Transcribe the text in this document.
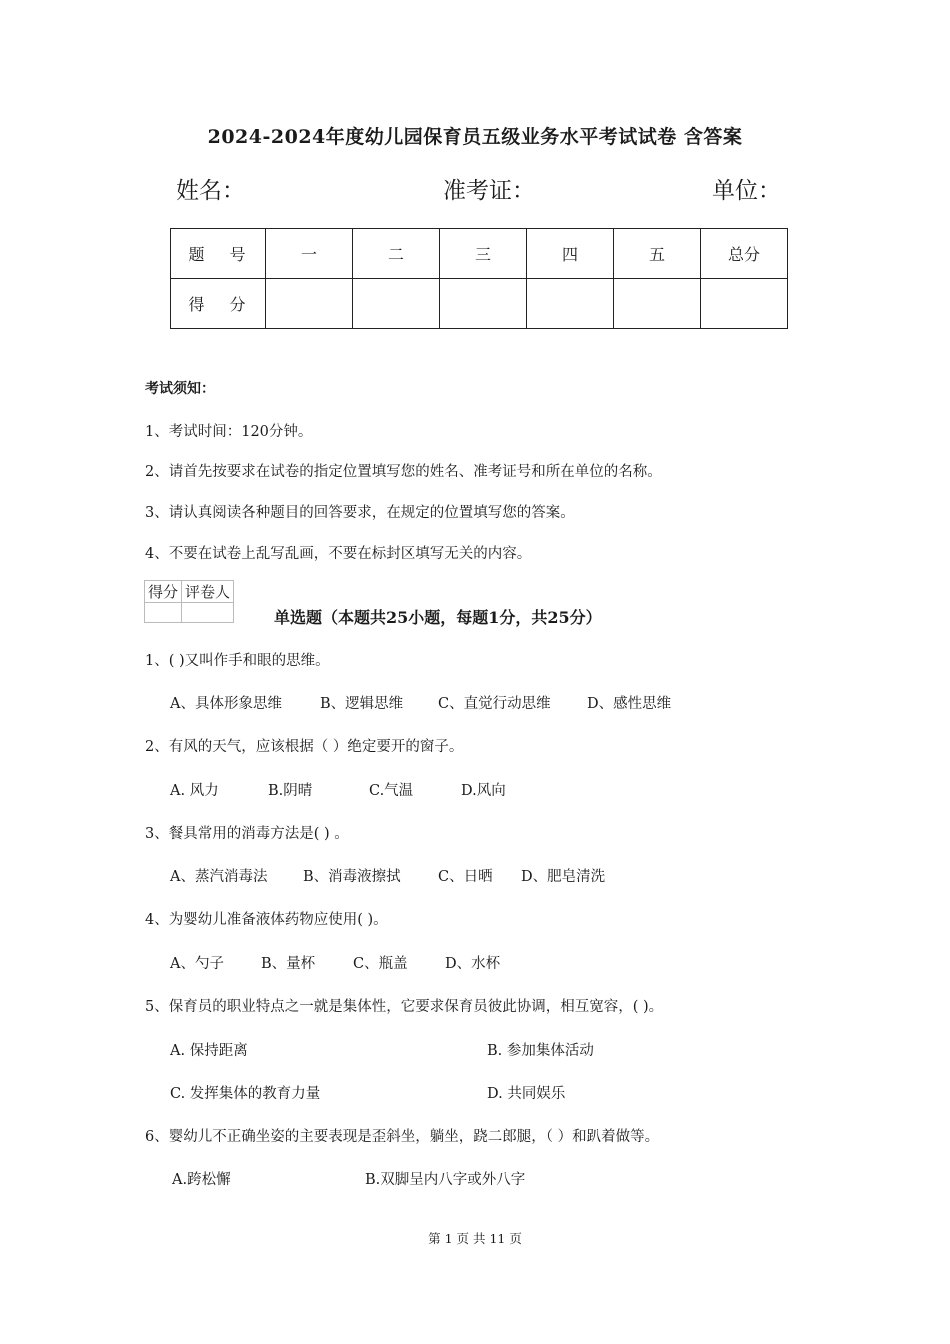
2024-2024年度幼儿园保育员五级业务水平考试试卷 含答案
姓名：	准考证：	单位：
题 号	一	二	三	四	五	总分
得 分						
考试须知：
1、考试时间：120分钟。
2、请首先按要求在试卷的指定位置填写您的姓名、准考证号和所在单位的名称。
3、请认真阅读各种题目的回答要求，在规定的位置填写您的答案。
4、不要在试卷上乱写乱画，不要在标封区填写无关的内容。
得分	评卷人

单选题（本题共25小题，每题1分，共25分）
1、( )又叫作手和眼的思维。
A、具体形象思维	B、逻辑思维 C、直觉行动思维	D、感性思维
2、有风的天气，应该根据（ ）绝定要开的窗子。
A. 风力	B.阴晴	C.气温	D.风向
3、餐具常用的消毒方法是( ) 。
A、蒸汽消毒法 B、消毒液擦拭	C、日晒 D、肥皂清洗
4、为婴幼儿准备液体药物应使用( )。
A、勺子	B、量杯	C、瓶盖	D、水杯
5、保育员的职业特点之一就是集体性，它要求保育员彼此协调，相互宽容，( )。
A. 保持距离	B. 参加集体活动
C. 发挥集体的教育力量	D. 共同娱乐
6、婴幼儿不正确坐姿的主要表现是歪斜坐，躺坐，跷二郎腿，（ ）和趴着做等。
A.跨松懈	B.双脚呈内八字或外八字
第 1 页 共 11 页
